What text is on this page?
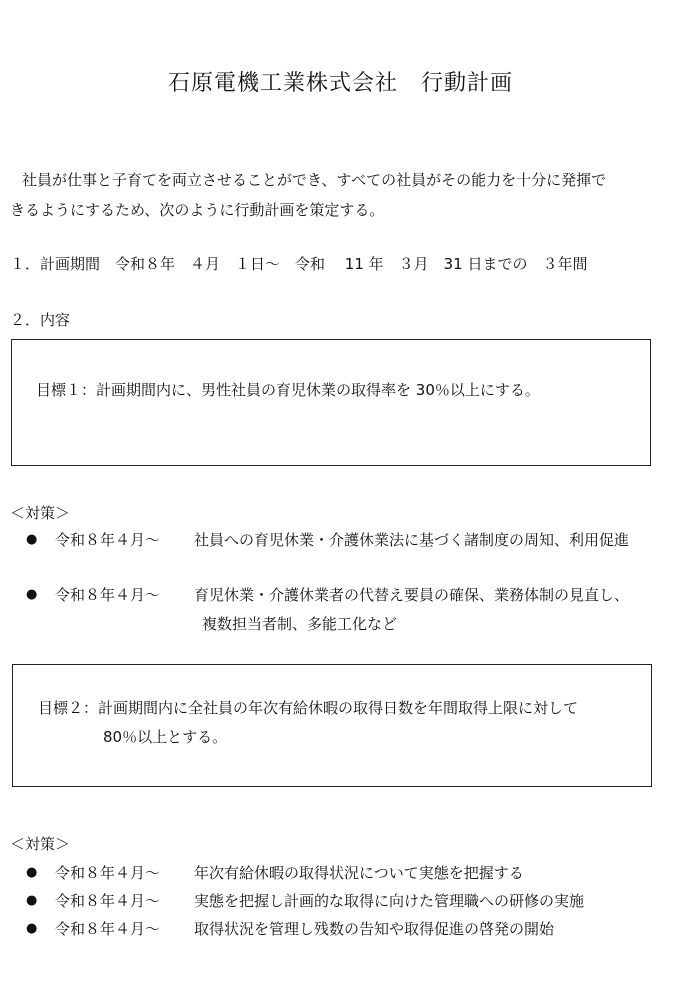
石原電機工業株式会社　行動計画
社員が仕事と子育てを両立させることができ、すべての社員がその能力を十分に発揮で
きるようにするため、次のように行動計画を策定する。
１．計画期間　令和８年　４月　１日～　令和　 11 年　３月　31 日までの　３年間
２．内容
目標１：計画期間内に、男性社員の育児休業の取得率を 30％以上にする。
＜対策＞
● 令和８年４月～ 社員への育児休業・介護休業法に基づく諸制度の周知、利用促進
● 令和８年４月～ 育児休業・介護休業者の代替え要員の確保、業務体制の見直し、
複数担当者制、多能工化など
目標２：計画期間内に全社員の年次有給休暇の取得日数を年間取得上限に対して
80％以上とする。
＜対策＞
● 令和８年４月～ 年次有給休暇の取得状況について実態を把握する
● 令和８年４月～ 実態を把握し計画的な取得に向けた管理職への研修の実施
● 令和８年４月～ 取得状況を管理し残数の告知や取得促進の啓発の開始
